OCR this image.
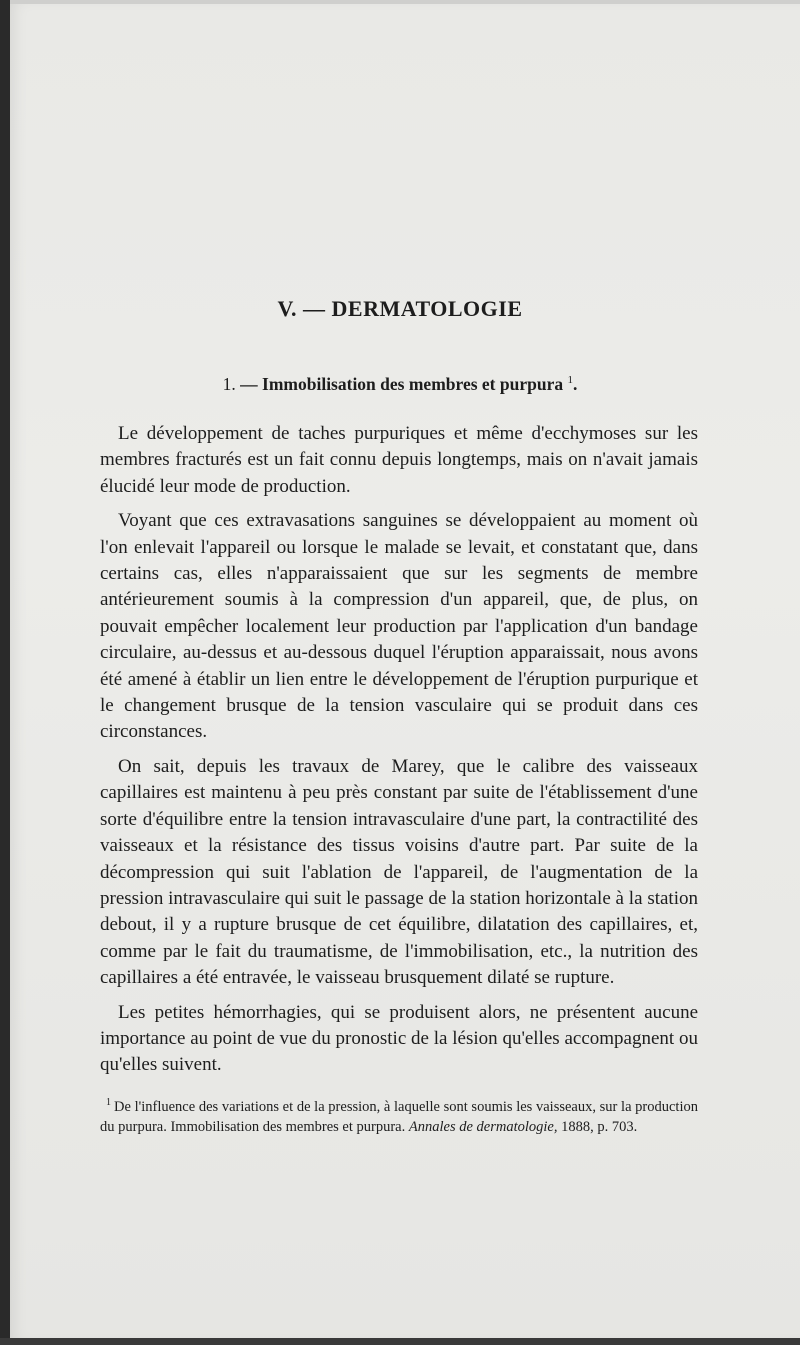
V. — DERMATOLOGIE
1. — Immobilisation des membres et purpura $^1$.

Le développement de taches purpuriques et même d'ecchymoses sur les membres fracturés est un fait connu depuis longtemps, mais on n'avait jamais élucidé leur mode de production.

Voyant que ces extravasations sanguines se développaient au moment où l'on enlevait l'appareil ou lorsque le malade se levait, et constatant que, dans certains cas, elles n'apparaissaient que sur les segments de membre antérieurement soumis à la compression d'un appareil, que, de plus, on pouvait empêcher localement leur production par l'application d'un bandage circulaire, au-dessus et au-dessous duquel l'éruption apparaissait, nous avons été amené à établir un lien entre le développement de l'éruption purpurique et le changement brusque de la tension vasculaire qui se produit dans ces circonstances.

On sait, depuis les travaux de Marey, que le calibre des vaisseaux capillaires est maintenu à peu près constant par suite de l'établissement d'une sorte d'équilibre entre la tension intravasculaire d'une part, la contractilité des vaisseaux et la résistance des tissus voisins d'autre part. Par suite de la décompression qui suit l'ablation de l'appareil, de l'augmentation de la pression intravasculaire qui suit le passage de la station horizontale à la station debout, il y a rupture brusque de cet équilibre, dilatation des capillaires, et, comme par le fait du traumatisme, de l'immobilisation, etc., la nutrition des capillaires a été entravée, le vaisseau brusquement dilaté se rupture.

Les petites hémorrhagies, qui se produisent alors, ne présentent aucune importance au point de vue du pronostic de la lésion qu'elles accompagnent ou qu'elles suivent.

$^1$ De l'influence des variations et de la pression, à laquelle sont soumis les vaisseaux, sur la production du purpura. Immobilisation des membres et purpura. Annales de dermatologie, 1888, p. 703.
